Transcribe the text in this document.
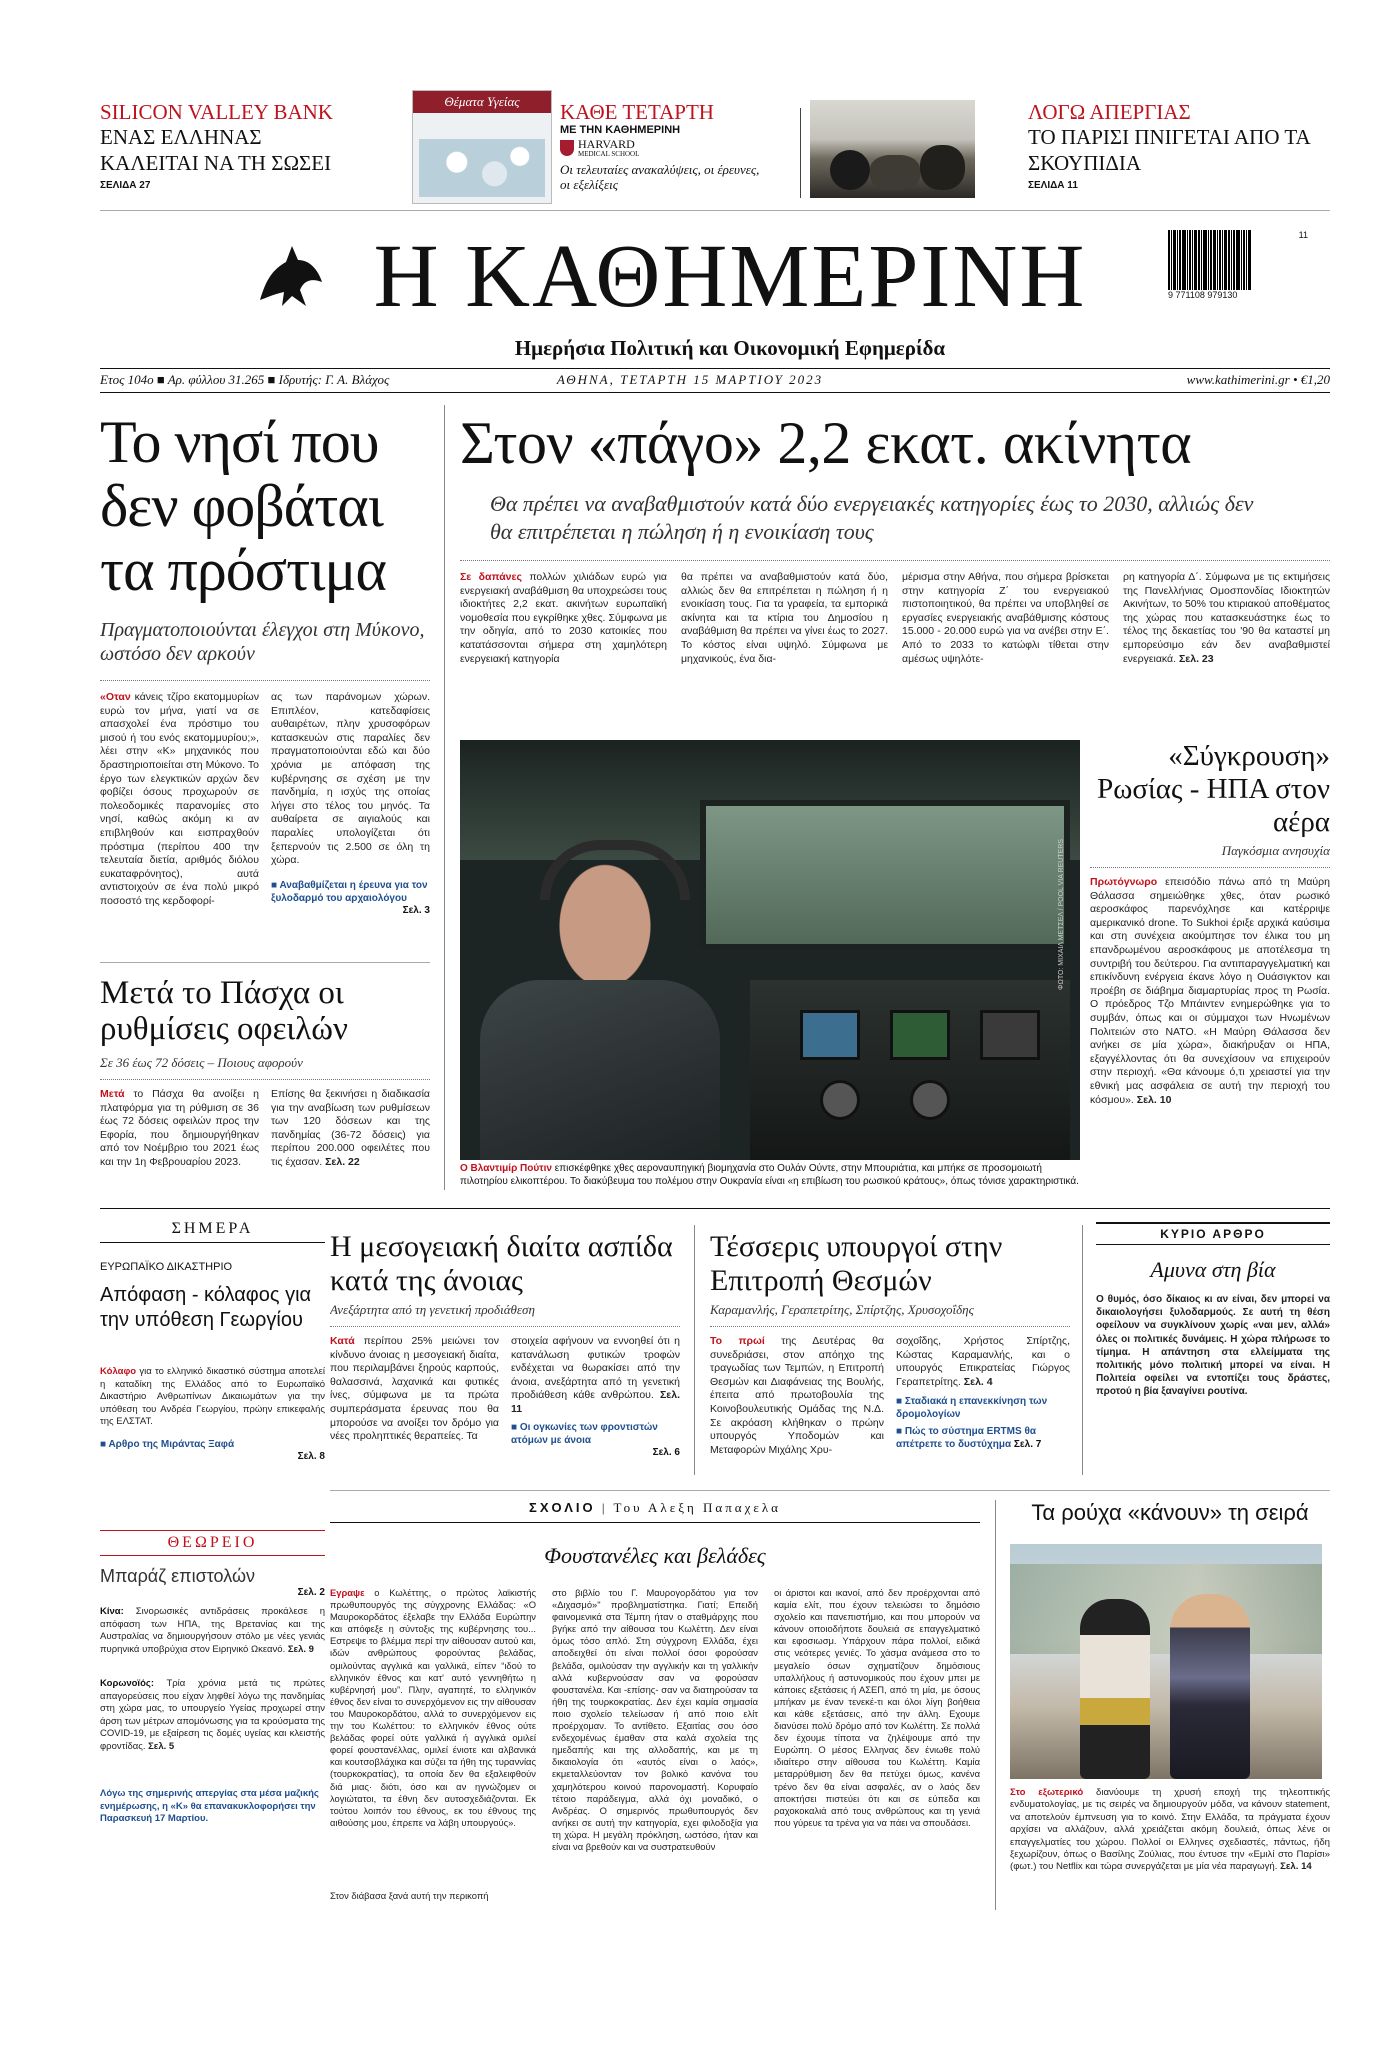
SILICON VALLEY BANK
ΕΝΑΣ ΕΛΛΗΝΑΣ ΚΑΛΕΙΤΑΙ ΝΑ ΤΗ ΣΩΣΕΙ
ΣΕΛΙΔΑ 27
Θέματα Υγείας	ΚΑΘΕ ΤΕΤΑΡΤΗ
ΜΕ ΤΗΝ ΚΑΘΗΜΕΡΙΝΗ
HARVARD
MEDICAL SCHOOL
Οι τελευταίες ανακαλύψεις, οι έρευνες, οι εξελίξεις
ΛΟΓΩ ΑΠΕΡΓΙΑΣ
ΤΟ ΠΑΡΙΣΙ ΠΝΙΓΕΤΑΙ ΑΠΟ ΤΑ ΣΚΟΥΠΙΔΙΑ
ΣΕΛΙΔΑ 11
Η ΚΑΘΗΜΕΡΙΝΗ	9 771108 979130
11
Ημερήσια Πολιτική και Οικονομική Εφημερίδα
Ετος 104ο ■ Αρ. φύλλου 31.265 ■ Ιδρυτής: Γ. Α. Βλάχος	ΑΘΗΝΑ, ΤΕΤΑΡΤΗ 15 ΜΑΡΤΙΟΥ 2023	www.kathimerini.gr • €1,20
Το νησί που δεν φοβάται τα πρόστιμα
Πραγματοποιούνται έλεγχοι στη Μύκονο, ωστόσο δεν αρκούν
«Οταν κάνεις τζίρο εκατομμυρίων ευρώ τον μήνα, γιατί να σε απασχολεί ένα πρόστιμο του μισού ή του ενός εκατομμυρίου;», λέει στην «Κ» μηχανικός που δραστηριοποιείται στη Μύκονο. Το έργο των ελεγκτικών αρχών δεν φοβίζει όσους προχωρούν σε πολεοδομικές παρανομίες στο νησί, καθώς ακόμη κι αν επιβληθούν και εισπραχθούν πρόστιμα (περίπου 400 την τελευταία διετία, αριθμός διόλου ευκαταφρόνητος), αυτά αντιστοιχούν σε ένα πολύ μικρό ποσοστό της κερδοφορί-
ας των παράνομων χώρων. Επιπλέον, κατεδαφίσεις αυθαιρέτων, πλην χρυσοφόρων κατασκευών στις παραλίες δεν πραγματοποιούνται εδώ και δύο χρόνια με απόφαση της κυβέρνησης σε σχέση με την πανδημία, η ισχύς της οποίας λήγει στο τέλος του μηνός. Τα αυθαίρετα σε αιγιαλούς και παραλίες υπολογίζεται ότι ξεπερνούν τις 2.500 σε όλη τη χώρα.
■ Αναβαθμίζεται η έρευνα για τον ξυλοδαρμό του αρχαιολόγου
Σελ. 3
Μετά το Πάσχα οι ρυθμίσεις οφειλών
Σε 36 έως 72 δόσεις – Ποιους αφορούν
Μετά το Πάσχα θα ανοίξει η πλατφόρμα για τη ρύθμιση σε 36 έως 72 δόσεις οφειλών προς την Εφορία, που δημιουργήθηκαν από τον Νοέμβριο του 2021 έως και την 1η Φεβρουαρίου 2023.
Επίσης θα ξεκινήσει η διαδικασία για την αναβίωση των ρυθμίσεων των 120 δόσεων και της πανδημίας (36-72 δόσεις) για περίπου 200.000 οφειλέτες που τις έχασαν. Σελ. 22
Στον «πάγο» 2,2 εκατ. ακίνητα
Θα πρέπει να αναβαθμιστούν κατά δύο ενεργειακές κατηγορίες έως το 2030, αλλιώς δεν θα επιτρέπεται η πώληση ή η ενοικίαση τους
Σε δαπάνες πολλών χιλιάδων ευρώ για ενεργειακή αναβάθμιση θα υποχρεώσει τους ιδιοκτήτες 2,2 εκατ. ακινήτων ευρωπαϊκή νομοθεσία που εγκρίθηκε χθες. Σύμφωνα με την οδηγία, από το 2030 κατοικίες που κατατάσσονται σήμερα στη χαμηλότερη ενεργειακή κατηγορία
θα πρέπει να αναβαθμιστούν κατά δύο, αλλιώς δεν θα επιτρέπεται η πώληση ή η ενοικίαση τους. Για τα γραφεία, τα εμπορικά ακίνητα και τα κτίρια του Δημοσίου η αναβάθμιση θα πρέπει να γίνει έως το 2027. Το κόστος είναι υψηλό. Σύμφωνα με μηχανικούς, ένα δια-
μέρισμα στην Αθήνα, που σήμερα βρίσκεται στην κατηγορία Ζ΄ του ενεργειακού πιστοποιητικού, θα πρέπει να υποβληθεί σε εργασίες ενεργειακής αναβάθμισης κόστους 15.000 - 20.000 ευρώ για να ανέβει στην Ε΄. Από το 2033 το κατώφλι τίθεται στην αμέσως υψηλότε-
ρη κατηγορία Δ΄. Σύμφωνα με τις εκτιμήσεις της Πανελλήνιας Ομοσπονδίας Ιδιοκτητών Ακινήτων, το 50% του κτιριακού αποθέματος της χώρας που κατασκευάστηκε έως το τέλος της δεκαετίας του '90 θα καταστεί μη εμπορεύσιμο εάν δεν αναβαθμιστεί ενεργειακά. Σελ. 23
ΦΩΤΟ: ΜΙΧΑΙΛ ΜΕΤΣΕΛ / POOL VIA REUTERS
Ο Βλαντιμίρ Πούτιν επισκέφθηκε χθες αεροναυπηγική βιομηχανία στο Ουλάν Ούντε, στην Μπουριάτια, και μπήκε σε προσομοιωτή πιλοτηρίου ελικοπτέρου. Το διακύβευμα του πολέμου στην Ουκρανία είναι «η επιβίωση του ρωσικού κράτους», όπως τόνισε χαρακτηριστικά.
«Σύγκρουση» Ρωσίας - ΗΠΑ στον αέρα
Παγκόσμια ανησυχία
Πρωτόγνωρο επεισόδιο πάνω από τη Μαύρη Θάλασσα σημειώθηκε χθες, όταν ρωσικό αεροσκάφος παρενόχλησε και κατέρριψε αμερικανικό drone. Το Sukhoi έριξε αρχικά καύσιμα και στη συνέχεια ακούμπησε τον έλικα του μη επανδρωμένου αεροσκάφους με αποτέλεσμα τη συντριβή του δεύτερου. Για αντιπαραγγελματική και επικίνδυνη ενέργεια έκανε λόγο η Ουάσιγκτον και προέβη σε διάβημα διαμαρτυρίας προς τη Ρωσία. Ο πρόεδρος Τζο Μπάιντεν ενημερώθηκε για το συμβάν, όπως και οι σύμμαχοι των Ηνωμένων Πολιτειών στο ΝΑΤΟ. «Η Μαύρη Θάλασσα δεν ανήκει σε μία χώρα», διακήρυξαν οι ΗΠΑ, εξαγγέλλοντας ότι θα συνεχίσουν να επιχειρούν στην περιοχή. «Θα κάνουμε ό,τι χρειαστεί για την εθνική μας ασφάλεια σε αυτή την περιοχή του κόσμου». Σελ. 10
ΣΗΜΕΡΑ
ΕΥΡΩΠΑΪΚΟ ΔΙΚΑΣΤΗΡΙΟ
Απόφαση - κόλαφος για την υπόθεση Γεωργίου
Κόλαφο για το ελληνικό δικαστικό σύστημα αποτελεί η καταδίκη της Ελλάδος από το Ευρωπαϊκό Δικαστήριο Ανθρωπίνων Δικαιωμάτων για την υπόθεση του Ανδρέα Γεωργίου, πρώην επικεφαλής της ΕΛΣΤΑΤ.
■ Αρθρο της Μιράντας Ξαφά
Σελ. 8
ΘΕΩΡΕΙΟ
Μπαράζ επιστολών
Σελ. 2
Κίνα: Σινορωσικές αντιδράσεις προκάλεσε η απόφαση των ΗΠΑ, της Βρετανίας και της Αυστραλίας να δημιουργήσουν στόλο με νέες γενιάς πυρηνικά υποβρύχια στον Ειρηνικό Ωκεανό. Σελ. 9
Κορωνοϊός: Τρία χρόνια μετά τις πρώτες απαγορεύσεις που είχαν ληφθεί λόγω της πανδημίας στη χώρα μας, το υπουργείο Υγείας προχωρεί στην άρση των μέτρων απομόνωσης για τα κρούσματα της COVID-19, με εξαίρεση τις δομές υγείας και κλειστής φροντίδας. Σελ. 5
Λόγω της σημερινής απεργίας στα μέσα μαζικής ενημέρωσης, η «Κ» θα επανακυκλοφορήσει την Παρασκευή 17 Μαρτίου.
Η μεσογειακή διαίτα ασπίδα κατά της άνοιας
Ανεξάρτητα από τη γενετική προδιάθεση
Κατά περίπου 25% μειώνει τον κίνδυνο άνοιας η μεσογειακή διαίτα, που περιλαμβάνει ξηρούς καρπούς, θαλασσινά, λαχανικά και φυτικές ίνες, σύμφωνα με τα πρώτα συμπεράσματα έρευνας που θα μπορούσε να ανοίξει τον δρόμο για νέες προληπτικές θεραπείες. Τα
στοιχεία αφήνουν να εννοηθεί ότι η κατανάλωση φυτικών τροφών ενδέχεται να θωρακίσει από την άνοια, ανεξάρτητα από τη γενετική προδιάθεση κάθε ανθρώπου. Σελ. 11
■ Οι ογκωνίες των φροντιστών ατόμων με άνοια
Σελ. 6
Τέσσερις υπουργοί στην Επιτροπή Θεσμών
Καραμανλής, Γεραπετρίτης, Σπίρτζης, Χρυσοχοΐδης
Το πρωί της Δευτέρας θα συνεδριάσει, στον απόηχο της τραγωδίας των Τεμπών, η Επιτροπή Θεσμών και Διαφάνειας της Βουλής, έπειτα από πρωτοβουλία της Κοινοβουλευτικής Ομάδας της Ν.Δ. Σε ακρόαση κλήθηκαν ο πρώην υπουργός Υποδομών και Μεταφορών Μιχάλης Χρυ-
σοχοΐδης, Χρήστος Σπίρτζης, Κώστας Καραμανλής, και ο υπουργός Επικρατείας Γιώργος Γεραπετρίτης. Σελ. 4
■ Σταδιακά η επανεκκίνηση των δρομολογίων
■ Πώς το σύστημα ERTMS θα απέτρεπε το δυστύχημα Σελ. 7
ΚΥΡΙΟ ΑΡΘΡΟ
Αμυνα στη βία
Ο θυμός, όσο δίκαιος κι αν είναι, δεν μπορεί να δικαιολογήσει ξυλοδαρμούς. Σε αυτή τη θέση οφείλουν να συγκλίνουν χωρίς «ναι μεν, αλλά» όλες οι πολιτικές δυνάμεις. Η χώρα πλήρωσε το τίμημα. Η απάντηση στα ελλείμματα της πολιτικής μόνο πολιτική μπορεί να είναι. Η Πολιτεία οφείλει να εντοπίζει τους δράστες, προτού η βία ξαναγίνει ρουτίνα.
ΣΧΟΛΙΟ | Του Αλεξη Παπαχελα
Φουστανέλες και βελάδες
Εγραψε ο Κωλέττης, ο πρώτος λαϊκιστής πρωθυπουργός της σύγχρονης Ελλάδας: «Ο Μαυροκορδάτος έξελαβε την Ελλάδα Ευρώπην και απόφεξε η σύντοξις της κυβέρνησης του... Εστρεψε το βλέμμα περί την αίθουσαν αυτού και, ιδών ανθρώπους φορούντας βελάδας, ομιλούντας αγγλικά και γαλλικά, είπεν “ιδού το ελληνικόν έθνος και κατ' αυτό γεννηθήτω η κυβέρνησή μου”. Πλην, αγαπητέ, το ελληνικόν έθνος δεν είναι το συνερχόμενον εις την αίθουσαν του Μαυροκορδάτου, αλλά το συνερχόμενον εις την του Κωλέττου: το ελληνικόν έθνος ούτε βελάδας φορεί ούτε γαλλικά ή αγγλικά ομιλεί φορεί φουστανέλλας, ομιλεί ένιοτε και αλβανικά και κουτσοβλάχικα και σύζει τα ήθη της τυραννίας (τουρκοκρατίας), τα οποία δεν θα εξαλειφθούν διά μιας· διότι, όσο και αν ηγνώζομεν οι λογιώτατοι, τα έθνη δεν αυτοσχεδιάζονται. Εκ τούτου λοιπόν του έθνους, εκ του έθνους της αιθούσης μου, έπρεπε να λάβη υπουργούς».
Στον διάβασα ξανά αυτή την περικοπή
στο βιβλίο του Γ. Μαυρογορδάτου για τον «Διχασμό»" προβληματίστηκα. Γιατί; Επειδή φαινομενικά στα Τέμπη ήταν ο σταθμάρχης που βγήκε από την αίθουσα του Κωλέττη. Δεν είναι όμως τόσο απλό. Στη σύγχρονη Ελλάδα, έχει αποδειχθεί ότι είναι πολλοί όσοι φορούσαν βελάδα, ομιλούσαν την αγγλικήν και τη γαλλικήν αλλά κυβερνούσαν σαν να φορούσαν φουστανέλα. Και -επίσης- σαν να διατηρούσαν τα ήθη της τουρκοκρατίας. Δεν έχει καμία σημασία ποιο σχολείο τελείωσαν ή από ποιο ελίτ προέρχομαν. Το αντίθετο. Εξαιτίας σου όσο ενδεχομένως έμαθαν στα καλά σχολεία της ημεδαπής και της αλλοδαπής, και με τη δικαιολογία ότι «αυτός είναι ο λαός», εκμεταλλεύονταν τον βολικό κανόνα του χαμηλότερου κοινού παρονομαστή. Κορυφαίο τέτοιο παράδειγμα, αλλά όχι μοναδικό, ο Ανδρέας. Ο σημερινός πρωθυπουργός δεν ανήκει σε αυτή την κατηγορία, εχει φιλοδοξία για τη χώρα. Η μεγάλη πρόκληση, ωστόσο, ήταν και είναι να βρεθούν και να συστρατευθούν
οι άριστοι και ικανοί, από δεν προέρχονται από καμία ελίτ, που έχουν τελειώσει το δημόσιο σχολείο και πανεπιστήμιο, και που μπορούν να κάνουν οποιοδήποτε δουλειά σε επαγγελματικό και εφοσιωσμ. Υπάρχουν πάρα πολλοί, ειδικά στις νεότερες γενιές. Το χάσμα ανάμεσα στο το μεγαλείο όσων σχηματίζουν δημόσιους υπαλλήλους ή αστυνομικούς που έχουν μπει με κάποιες εξετάσεις ή ΑΣΕΠ, από τη μία, με όσους μπήκαν με έναν τενεκέ-τι και όλοι λίγη βοήθεια και κάθε εξετάσεις, από την άλλη. Εχουμε διανύσει πολύ δρόμο από τον Κωλέττη. Σε πολλά δεν έχουμε τίποτα να ζηλέψουμε από την Ευρώπη. Ο μέσος Ελληνας δεν ένιωθε πολύ ιδιαίτερο στην αίθουσα του Κωλέττη. Καμία μεταρρύθμιση δεν θα πετύχει όμως, κανένα τρένο δεν θα είναι ασφαλές, αν ο λαός δεν αποκτήσει πιστεύει ότι και σε εύπεδα και ραχοκοκαλιά από τους ανθρώπους και τη γενιά που γύρευε τα τρένα για να πάει να σπουδάσει.
Τα ρούχα «κάνουν» τη σειρά
Στο εξωτερικό διανύουμε τη χρυσή εποχή της τηλεοπτικής ενδυματολογίας, με τις σειρές να δημιουργούν μόδα, να κάνουν statement, να αποτελούν έμπνευση για το κοινό. Στην Ελλάδα, τα πράγματα έχουν αρχίσει να αλλάζουν, αλλά χρειάζεται ακόμη δουλειά, όπως λένε οι επαγγελματίες του χώρου. Πολλοί οι Ελληνες σχεδιαστές, πάντως, ήδη ξεχωρίζουν, όπως ο Βασίλης Ζούλιας, που έντυσε την «Εμιλί στο Παρίσι» (φωτ.) του Netflix και τώρα συνεργάζεται με μία νέα παραγωγή. Σελ. 14
